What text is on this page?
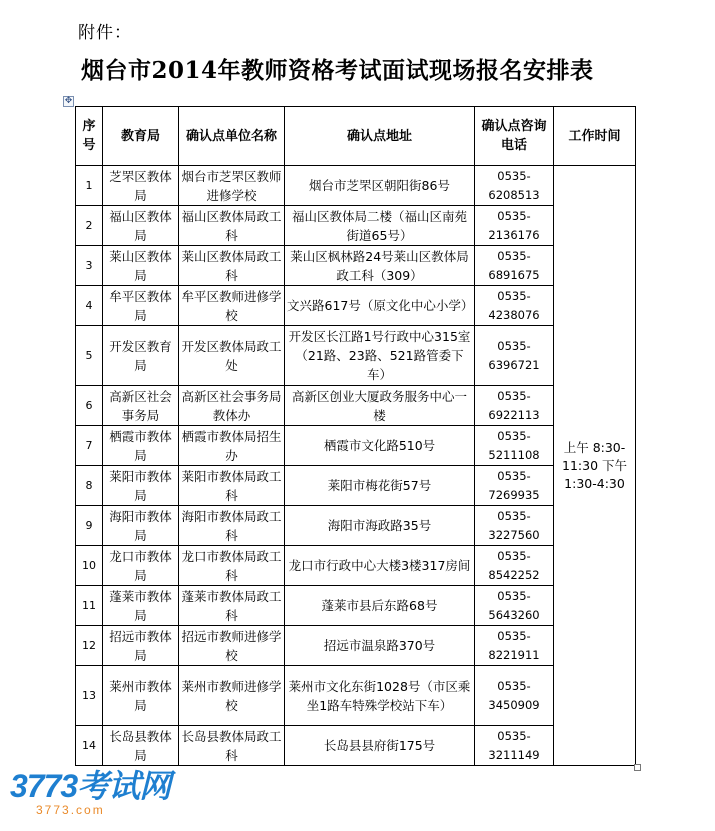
附件：
烟台市2014年教师资格考试面试现场报名安排表
✥
序号	教育局	确认点单位名称	确认点地址	确认点咨询电话	工作时间
1	芝罘区教体局	烟台市芝罘区教师进修学校	烟台市芝罘区朝阳街86号	0535-6208513	上午 8:30-11:30 下午 1:30-4:30
2	福山区教体局	福山区教体局政工科	福山区教体局二楼（福山区南苑街道65号）	0535-2136176	
3	莱山区教体局	莱山区教体局政工科	莱山区枫林路24号莱山区教体局政工科（309）	0535-6891675	
4	牟平区教体局	牟平区教师进修学校	文兴路617号（原文化中心小学）	0535-4238076	
5	开发区教育局	开发区教体局政工处	开发区长江路1号行政中心315室（21路、23路、521路管委下车）	0535-6396721	
6	高新区社会事务局	高新区社会事务局教体办	高新区创业大厦政务服务中心一楼	0535-6922113	
7	栖霞市教体局	栖霞市教体局招生办	栖霞市文化路510号	0535-5211108	
8	莱阳市教体局	莱阳市教体局政工科	莱阳市梅花街57号	0535-7269935	
9	海阳市教体局	海阳市教体局政工科	海阳市海政路35号	0535-3227560	
10	龙口市教体局	龙口市教体局政工科	龙口市行政中心大楼3楼317房间	0535-8542252	
11	蓬莱市教体局	蓬莱市教体局政工科	蓬莱市县后东路68号	0535-5643260	
12	招远市教体局	招远市教师进修学校	招远市温泉路370号	0535-8221911	
13	莱州市教体局	莱州市教师进修学校	莱州市文化东街1028号（市区乘坐1路车特殊学校站下车）	0535-3450909	
14	长岛县教体局	长岛县教体局政工科	长岛县县府街175号	0535-3211149	
3773考试网
3773.com
